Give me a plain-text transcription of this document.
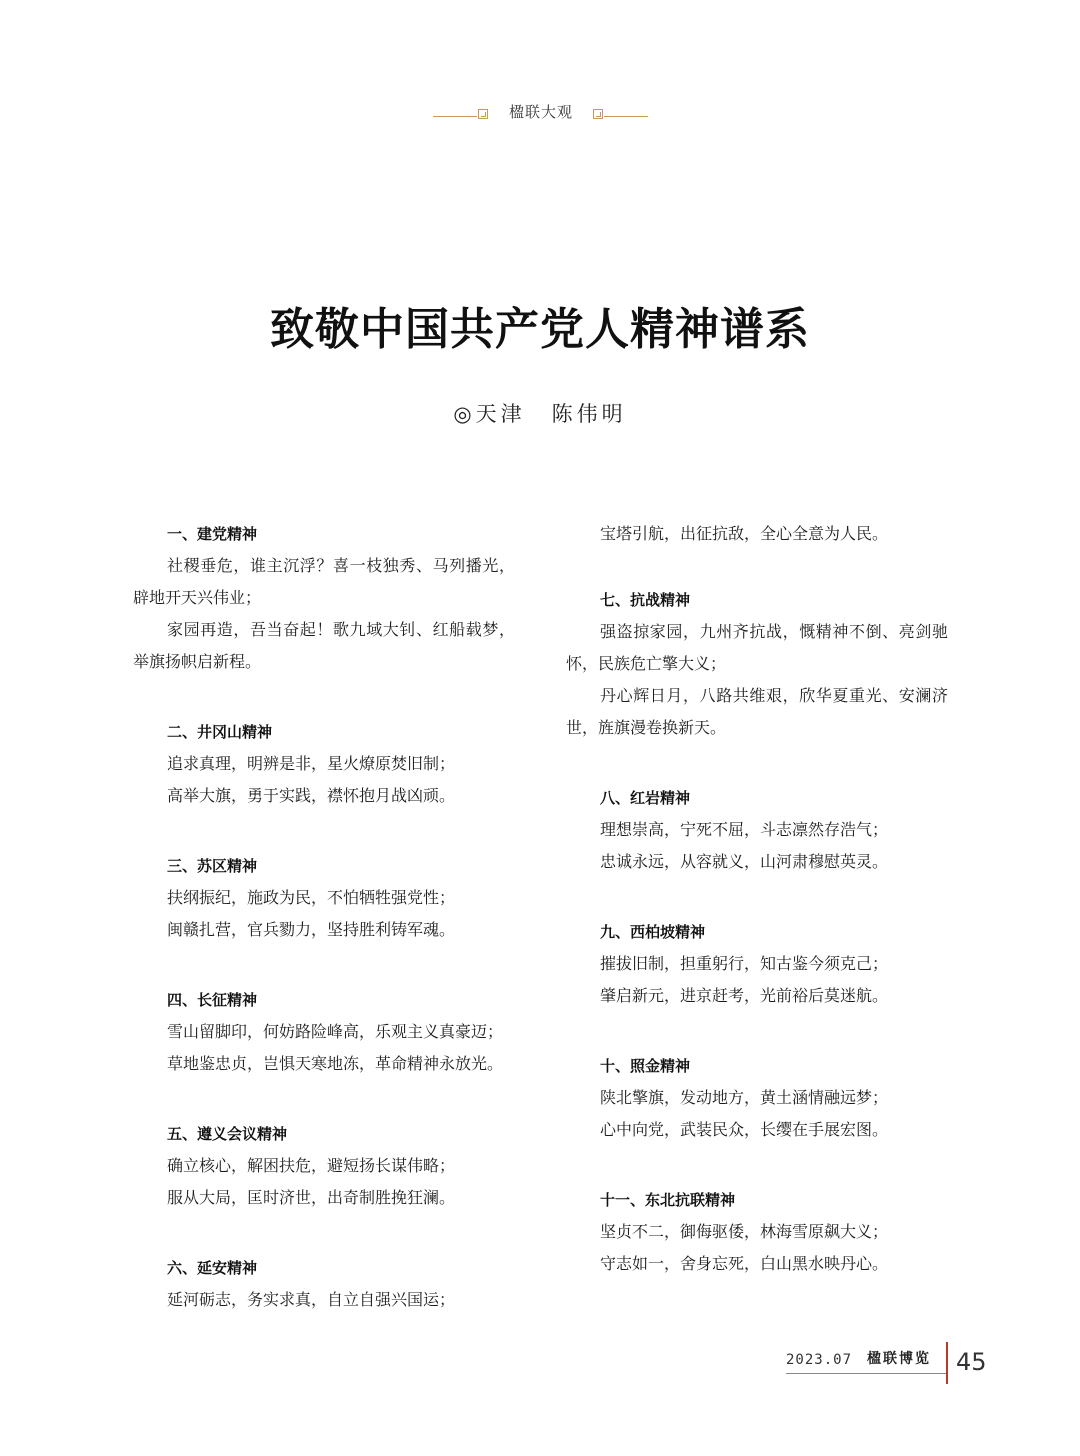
楹联大观
致敬中国共产党人精神谱系
◎天津 陈伟明
一、建党精神

社稷垂危，谁主沉浮？喜一枝独秀、马列播光，辟地开天兴伟业；

家园再造，吾当奋起！歌九域大钊、红船载梦，举旗扬帜启新程。

二、井冈山精神

追求真理，明辨是非，星火燎原焚旧制；

高举大旗，勇于实践，襟怀抱月战凶顽。

三、苏区精神

扶纲振纪，施政为民，不怕牺牲强党性；

闽赣扎营，官兵勠力，坚持胜利铸军魂。

四、长征精神

雪山留脚印，何妨路险峰高，乐观主义真豪迈；

草地鉴忠贞，岂惧天寒地冻，革命精神永放光。

五、遵义会议精神

确立核心，解困扶危，避短扬长谋伟略；

服从大局，匡时济世，出奇制胜挽狂澜。

六、延安精神

延河砺志，务实求真，自立自强兴国运；

宝塔引航，出征抗敌，全心全意为人民。

七、抗战精神

强盗掠家园，九州齐抗战，慨精神不倒、亮剑驰怀，民族危亡擎大义；

丹心辉日月，八路共维艰，欣华夏重光、安澜济世，旌旗漫卷换新天。

八、红岩精神

理想崇高，宁死不屈，斗志凛然存浩气；

忠诚永远，从容就义，山河肃穆慰英灵。

九、西柏坡精神

摧拔旧制，担重躬行，知古鉴今须克己；

肇启新元，进京赶考，光前裕后莫迷航。

十、照金精神

陕北擎旗，发动地方，黄土涵情融远梦；

心中向党，武装民众，长缨在手展宏图。

十一、东北抗联精神

坚贞不二，御侮驱倭，林海雪原飙大义；

守志如一，舍身忘死，白山黑水映丹心。

2023.07 楹联博览 45
